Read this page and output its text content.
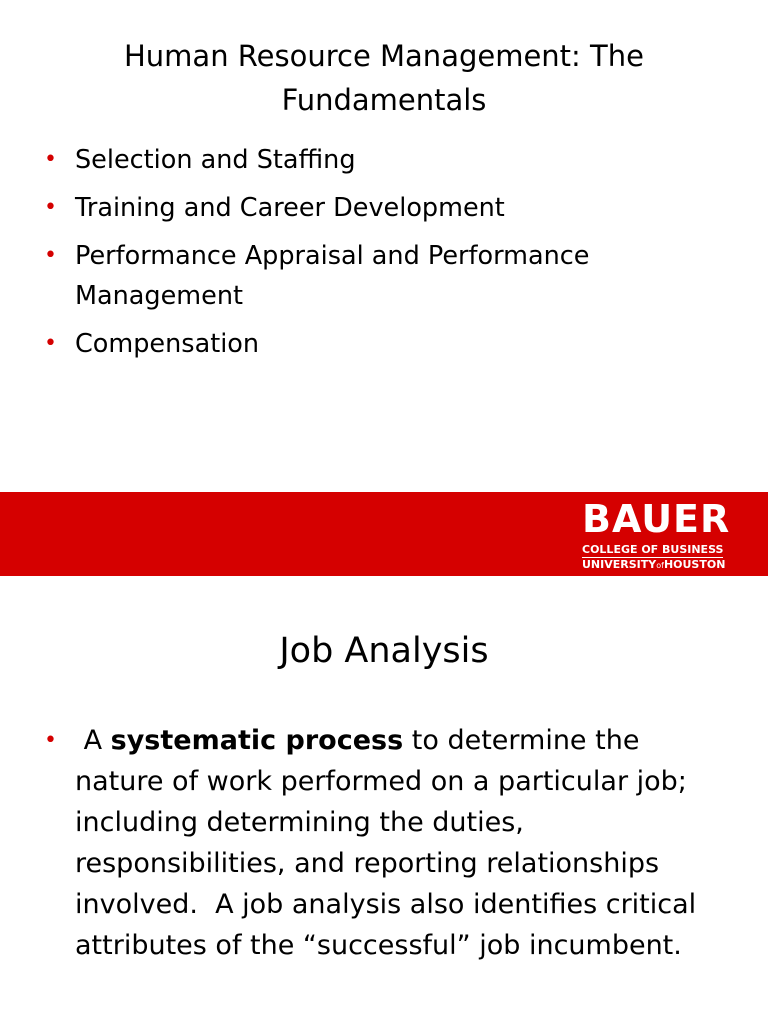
Human Resource Management: The Fundamentals
• Selection and Staffing
• Training and Career Development
• Performance Appraisal and Performance Management
• Compensation
BAUER
COLLEGE OF BUSINESS
UNIVERSITYofHOUSTON
Job Analysis
• A systematic process to determine the nature of work performed on a particular job; including determining the duties, responsibilities, and reporting relationships involved.  A job analysis also identifies critical attributes of the “successful” job incumbent.
